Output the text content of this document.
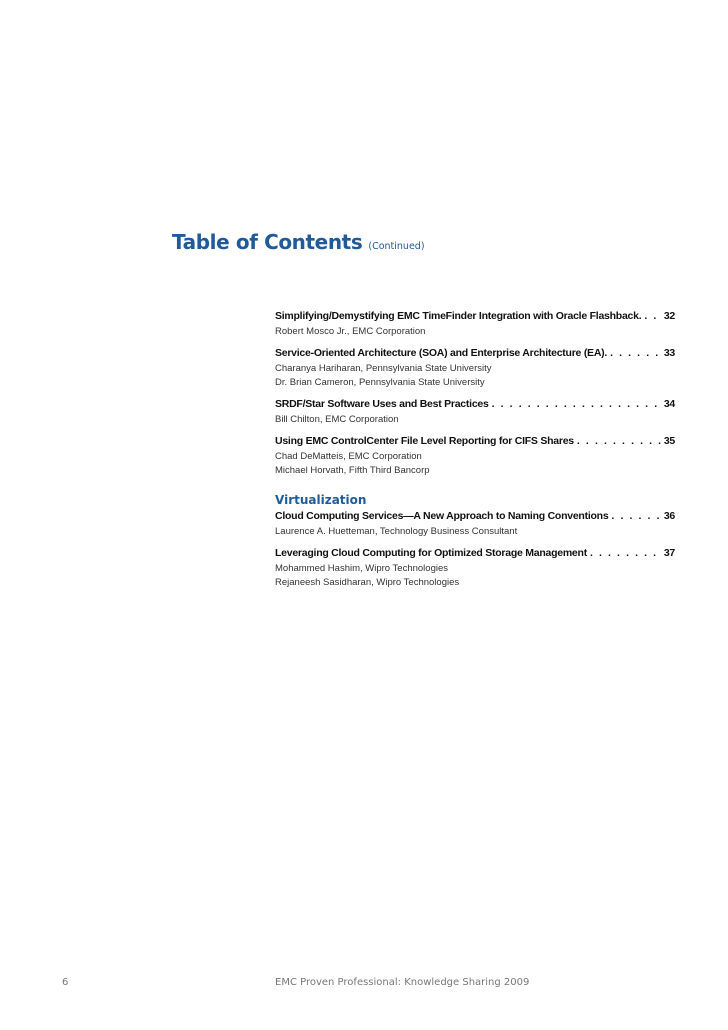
Table of Contents (Continued)
Simplifying/Demystifying EMC TimeFinder Integration with Oracle Flashback. . . . 32
Robert Mosco Jr., EMC Corporation
Service-Oriented Architecture (SOA) and Enterprise Architecture (EA). . . .	33
Charanya Hariharan, Pennsylvania State University
Dr. Brian Cameron, Pennsylvania State University
SRDF/Star Software Uses and Best Practices . . .	34
Bill Chilton, EMC Corporation
Using EMC ControlCenter File Level Reporting for CIFS Shares . . .	35
Chad DeMatteis, EMC Corporation
Michael Horvath, Fifth Third Bancorp
Virtualization
Cloud Computing Services—A New Approach to Naming Conventions . . .	36
Laurence A. Huetteman, Technology Business Consultant
Leveraging Cloud Computing for Optimized Storage Management . . .	37
Mohammed Hashim, Wipro Technologies
Rejaneesh Sasidharan, Wipro Technologies
6	EMC Proven Professional: Knowledge Sharing 2009
